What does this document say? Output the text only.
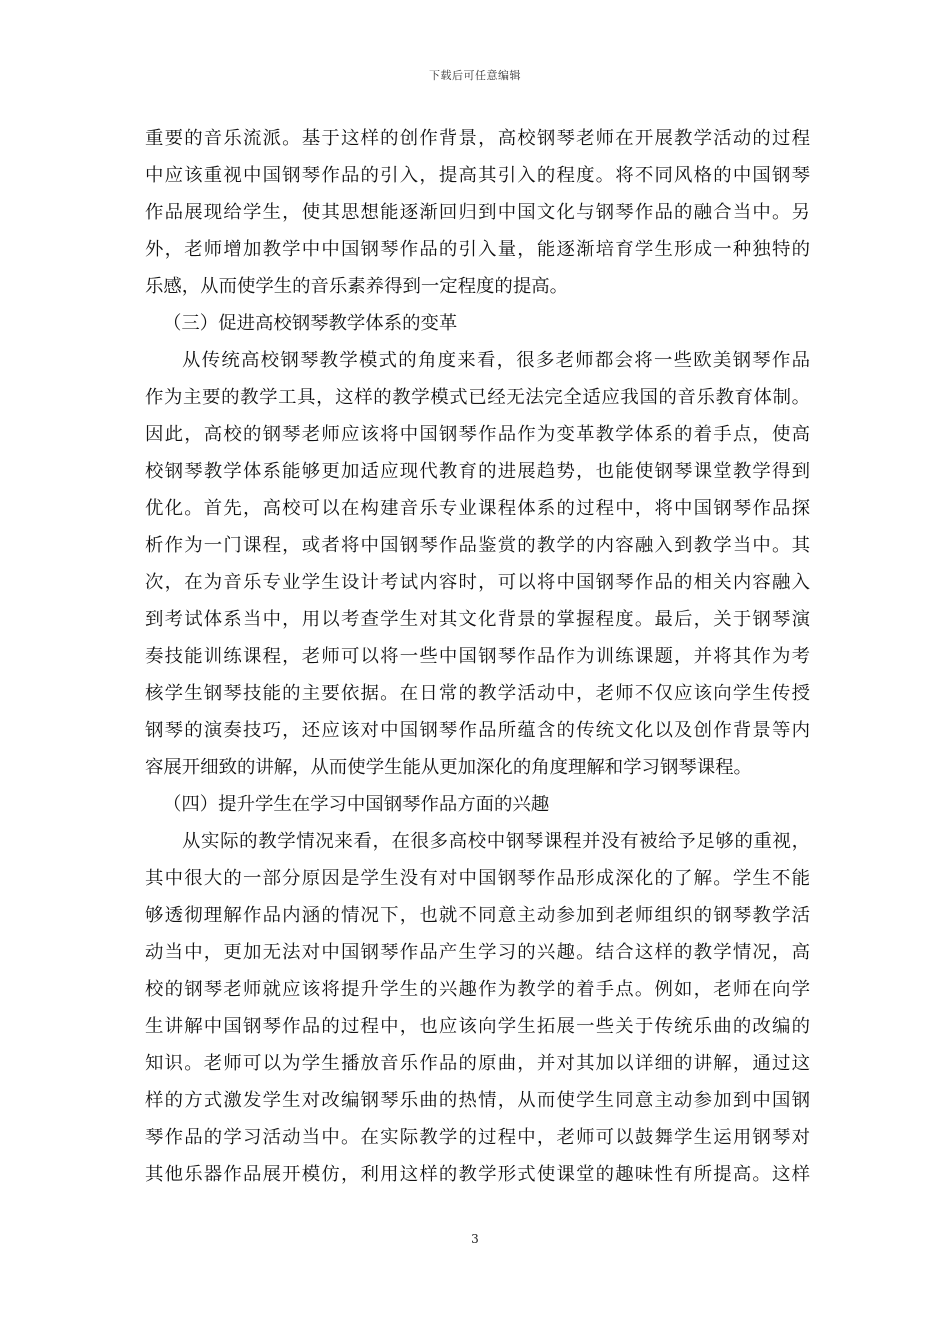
下载后可任意编辑
重要的音乐流派。基于这样的创作背景，高校钢琴老师在开展教学活动的过程
中应该重视中国钢琴作品的引入，提高其引入的程度。将不同风格的中国钢琴
作品展现给学生，使其思想能逐渐回归到中国文化与钢琴作品的融合当中。另
外，老师增加教学中中国钢琴作品的引入量，能逐渐培育学生形成一种独特的
乐感，从而使学生的音乐素养得到一定程度的提高。
（三）促进高校钢琴教学体系的变革
从传统高校钢琴教学模式的角度来看，很多老师都会将一些欧美钢琴作品
作为主要的教学工具，这样的教学模式已经无法完全适应我国的音乐教育体制。
因此，高校的钢琴老师应该将中国钢琴作品作为变革教学体系的着手点，使高
校钢琴教学体系能够更加适应现代教育的进展趋势，也能使钢琴课堂教学得到
优化。首先，高校可以在构建音乐专业课程体系的过程中，将中国钢琴作品探
析作为一门课程，或者将中国钢琴作品鉴赏的教学的内容融入到教学当中。其
次，在为音乐专业学生设计考试内容时，可以将中国钢琴作品的相关内容融入
到考试体系当中，用以考查学生对其文化背景的掌握程度。最后，关于钢琴演
奏技能训练课程，老师可以将一些中国钢琴作品作为训练课题，并将其作为考
核学生钢琴技能的主要依据。在日常的教学活动中，老师不仅应该向学生传授
钢琴的演奏技巧，还应该对中国钢琴作品所蕴含的传统文化以及创作背景等内
容展开细致的讲解，从而使学生能从更加深化的角度理解和学习钢琴课程。
（四）提升学生在学习中国钢琴作品方面的兴趣
从实际的教学情况来看，在很多高校中钢琴课程并没有被给予足够的重视，
其中很大的一部分原因是学生没有对中国钢琴作品形成深化的了解。学生不能
够透彻理解作品内涵的情况下，也就不同意主动参加到老师组织的钢琴教学活
动当中，更加无法对中国钢琴作品产生学习的兴趣。结合这样的教学情况，高
校的钢琴老师就应该将提升学生的兴趣作为教学的着手点。例如，老师在向学
生讲解中国钢琴作品的过程中，也应该向学生拓展一些关于传统乐曲的改编的
知识。老师可以为学生播放音乐作品的原曲，并对其加以详细的讲解，通过这
样的方式激发学生对改编钢琴乐曲的热情，从而使学生同意主动参加到中国钢
琴作品的学习活动当中。在实际教学的过程中，老师可以鼓舞学生运用钢琴对
其他乐器作品展开模仿，利用这样的教学形式使课堂的趣味性有所提高。这样
3
